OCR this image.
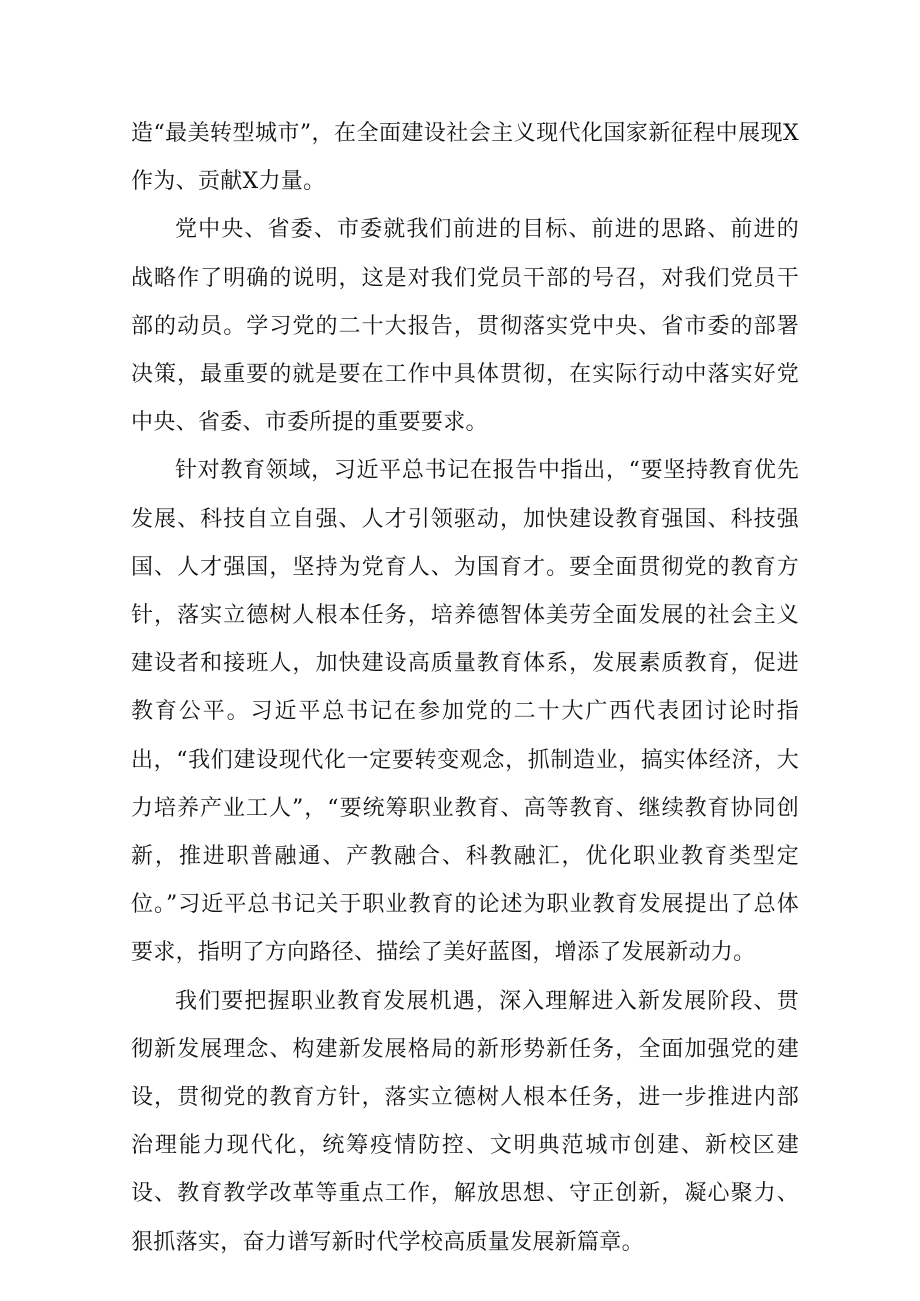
造“最美转型城市”，在全面建设社会主义现代化国家新征程中展现X作为、贡献X力量。

党中央、省委、市委就我们前进的目标、前进的思路、前进的战略作了明确的说明，这是对我们党员干部的号召，对我们党员干部的动员。学习党的二十大报告，贯彻落实党中央、省市委的部署决策，最重要的就是要在工作中具体贯彻，在实际行动中落实好党中央、省委、市委所提的重要要求。

针对教育领域，习近平总书记在报告中指出，“要坚持教育优先发展、科技自立自强、人才引领驱动，加快建设教育强国、科技强国、人才强国，坚持为党育人、为国育才。要全面贯彻党的教育方针，落实立德树人根本任务，培养德智体美劳全面发展的社会主义建设者和接班人，加快建设高质量教育体系，发展素质教育，促进教育公平。习近平总书记在参加党的二十大广西代表团讨论时指出，“我们建设现代化一定要转变观念，抓制造业，搞实体经济，大力培养产业工人”，“要统筹职业教育、高等教育、继续教育协同创新，推进职普融通、产教融合、科教融汇，优化职业教育类型定位。”习近平总书记关于职业教育的论述为职业教育发展提出了总体要求，指明了方向路径、描绘了美好蓝图，增添了发展新动力。

我们要把握职业教育发展机遇，深入理解进入新发展阶段、贯彻新发展理念、构建新发展格局的新形势新任务，全面加强党的建设，贯彻党的教育方针，落实立德树人根本任务，进一步推进内部治理能力现代化，统筹疫情防控、文明典范城市创建、新校区建设、教育教学改革等重点工作，解放思想、守正创新，凝心聚力、狠抓落实，奋力谱写新时代学校高质量发展新篇章。
